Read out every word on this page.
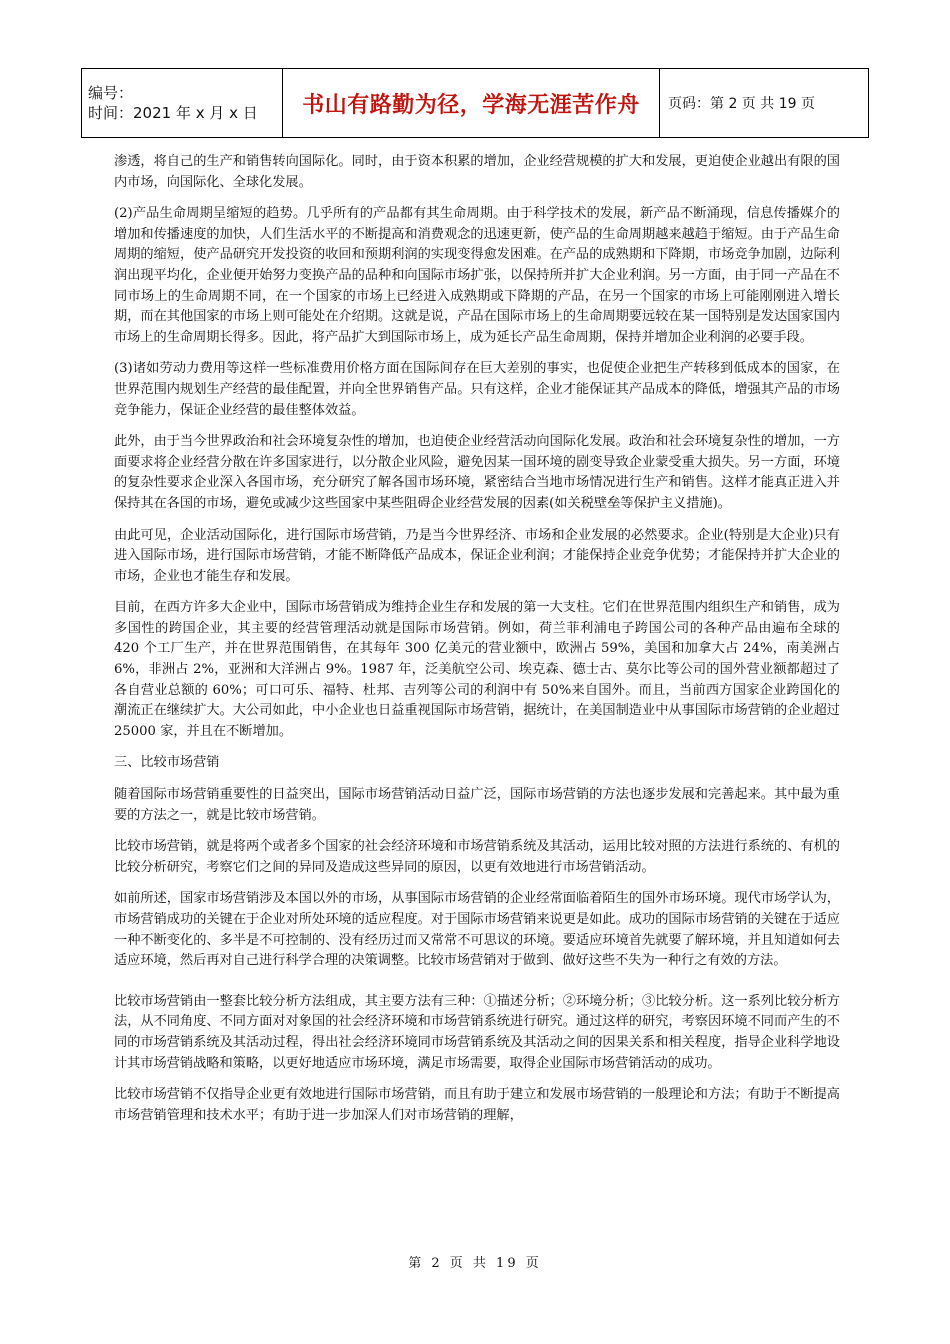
编号：
时间：2021 年 x 月 x 日	书山有路勤为径，学海无涯苦作舟	页码：第 2 页 共 19 页

渗透，将自己的生产和销售转向国际化。同时，由于资本积累的增加，企业经营规模的扩大和发展，更迫使企业越出有限的国内市场，向国际化、全球化发展。

(2)产品生命周期呈缩短的趋势。几乎所有的产品都有其生命周期。由于科学技术的发展，新产品不断涌现，信息传播媒介的增加和传播速度的加快，人们生活水平的不断提高和消费观念的迅速更新，使产品的生命周期越来越趋于缩短。由于产品生命周期的缩短，使产品研究开发投资的收回和预期利润的实现变得愈发困难。在产品的成熟期和下降期，市场竞争加剧，边际利润出现平均化，企业便开始努力变换产品的品种和向国际市场扩张，以保持所并扩大企业利润。另一方面，由于同一产品在不同市场上的生命周期不同，在一个国家的市场上已经进入成熟期或下降期的产品，在另一个国家的市场上可能刚刚进入增长期，而在其他国家的市场上则可能处在介绍期。这就是说，产品在国际市场上的生命周期要远较在某一国特别是发达国家国内市场上的生命周期长得多。因此，将产品扩大到国际市场上，成为延长产品生命周期，保持并增加企业利润的必要手段。

(3)诸如劳动力费用等这样一些标准费用价格方面在国际间存在巨大差别的事实，也促使企业把生产转移到低成本的国家，在世界范围内规划生产经营的最佳配置，并向全世界销售产品。只有这样，企业才能保证其产品成本的降低，增强其产品的市场竞争能力，保证企业经营的最佳整体效益。

此外，由于当今世界政治和社会环境复杂性的增加，也迫使企业经营活动向国际化发展。政治和社会环境复杂性的增加，一方面要求将企业经营分散在许多国家进行，以分散企业风险，避免因某一国环境的剧变导致企业蒙受重大损失。另一方面，环境的复杂性要求企业深入各国市场，充分研究了解各国市场环境，紧密结合当地市场情况进行生产和销售。这样才能真正进入并保持其在各国的市场，避免或减少这些国家中某些阻碍企业经营发展的因素(如关税壁垒等保护主义措施)。

由此可见，企业活动国际化，进行国际市场营销，乃是当今世界经济、市场和企业发展的必然要求。企业(特别是大企业)只有进入国际市场，进行国际市场营销，才能不断降低产品成本，保证企业利润；才能保持企业竞争优势；才能保持并扩大企业的市场，企业也才能生存和发展。

目前，在西方许多大企业中，国际市场营销成为维持企业生存和发展的第一大支柱。它们在世界范围内组织生产和销售，成为多国性的跨国企业，其主要的经营管理活动就是国际市场营销。例如，荷兰菲利浦电子跨国公司的各种产品由遍布全球的 420 个工厂生产，并在世界范围销售，在其每年 300 亿美元的营业额中，欧洲占 59%，美国和加拿大占 24%，南美洲占 6%，非洲占 2%，亚洲和大洋洲占 9%。1987 年，泛美航空公司、埃克森、德士古、莫尔比等公司的国外营业额都超过了各自营业总额的 60%；可口可乐、福特、杜邦、吉列等公司的利润中有 50%来自国外。而且，当前西方国家企业跨国化的潮流正在继续扩大。大公司如此，中小企业也日益重视国际市场营销，据统计，在美国制造业中从事国际市场营销的企业超过 25000 家，并且在不断增加。

三、比较市场营销

随着国际市场营销重要性的日益突出，国际市场营销活动日益广泛，国际市场营销的方法也逐步发展和完善起来。其中最为重要的方法之一，就是比较市场营销。

比较市场营销，就是将两个或者多个国家的社会经济环境和市场营销系统及其活动，运用比较对照的方法进行系统的、有机的比较分析研究，考察它们之间的异同及造成这些异同的原因，以更有效地进行市场营销活动。

如前所述，国家市场营销涉及本国以外的市场，从事国际市场营销的企业经常面临着陌生的国外市场环境。现代市场学认为，市场营销成功的关键在于企业对所处环境的适应程度。对于国际市场营销来说更是如此。成功的国际市场营销的关键在于适应一种不断变化的、多半是不可控制的、没有经历过而又常常不可思议的环境。要适应环境首先就要了解环境，并且知道如何去适应环境，然后再对自己进行科学合理的决策调整。比较市场营销对于做到、做好这些不失为一种行之有效的方法。

比较市场营销由一整套比较分析方法组成，其主要方法有三种：①描述分析；②环境分析；③比较分析。这一系列比较分析方法，从不同角度、不同方面对对象国的社会经济环境和市场营销系统进行研究。通过这样的研究，考察因环境不同而产生的不同的市场营销系统及其活动过程，得出社会经济环境同市场营销系统及其活动之间的因果关系和相关程度，指导企业科学地设计其市场营销战略和策略，以更好地适应市场环境，满足市场需要，取得企业国际市场营销活动的成功。

比较市场营销不仅指导企业更有效地进行国际市场营销，而且有助于建立和发展市场营销的一般理论和方法；有助于不断提高市场营销管理和技术水平；有助于进一步加深人们对市场营销的理解，

第 2 页 共 19 页
